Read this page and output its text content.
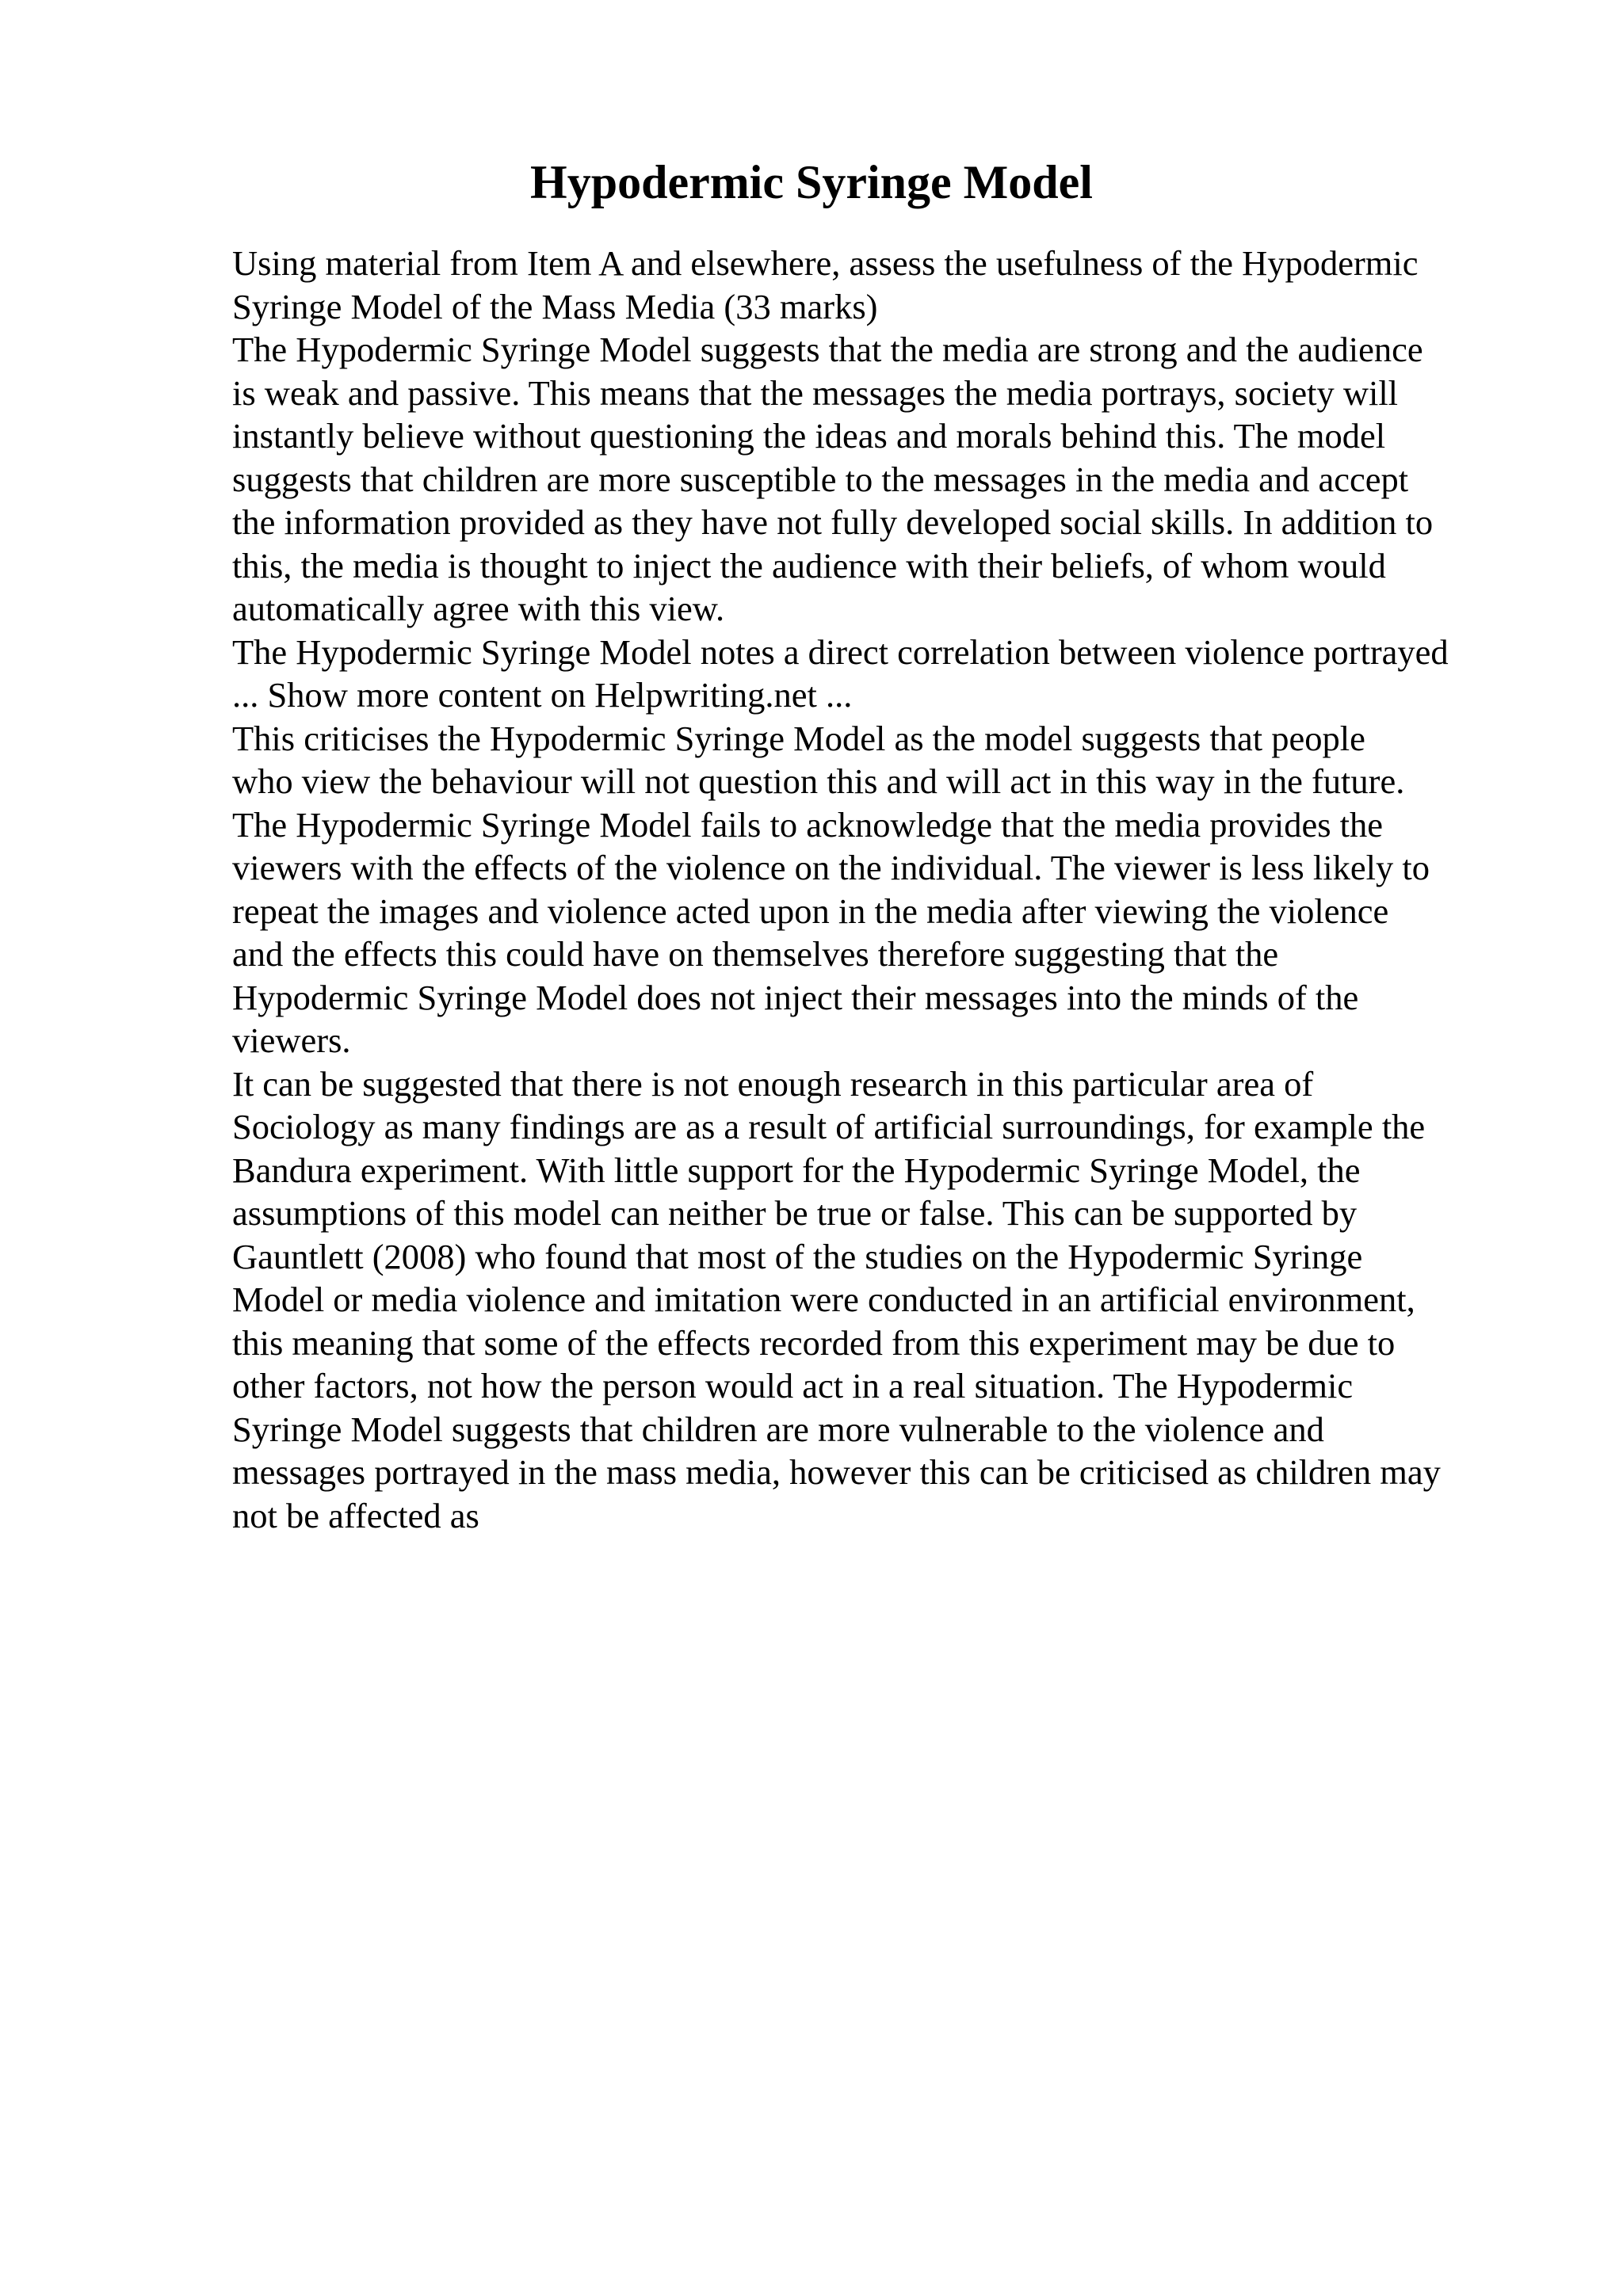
Hypodermic Syringe Model

Using material from Item A and elsewhere, assess the usefulness of the Hypodermic

Syringe Model of the Mass Media (33 marks)

The Hypodermic Syringe Model suggests that the media are strong and the audience

is weak and passive. This means that the messages the media portrays, society will

instantly believe without questioning the ideas and morals behind this. The model

suggests that children are more susceptible to the messages in the media and accept

the information provided as they have not fully developed social skills. In addition to

this, the media is thought to inject the audience with their beliefs, of whom would

automatically agree with this view.

The Hypodermic Syringe Model notes a direct correlation between violence portrayed

... Show more content on Helpwriting.net ...

This criticises the Hypodermic Syringe Model as the model suggests that people

who view the behaviour will not question this and will act in this way in the future.

The Hypodermic Syringe Model fails to acknowledge that the media provides the

viewers with the effects of the violence on the individual. The viewer is less likely to

repeat the images and violence acted upon in the media after viewing the violence

and the effects this could have on themselves therefore suggesting that the

Hypodermic Syringe Model does not inject their messages into the minds of the

viewers.

It can be suggested that there is not enough research in this particular area of

Sociology as many findings are as a result of artificial surroundings, for example the

Bandura experiment. With little support for the Hypodermic Syringe Model, the

assumptions of this model can neither be true or false. This can be supported by

Gauntlett (2008) who found that most of the studies on the Hypodermic Syringe

Model or media violence and imitation were conducted in an artificial environment,

this meaning that some of the effects recorded from this experiment may be due to

other factors, not how the person would act in a real situation. The Hypodermic

Syringe Model suggests that children are more vulnerable to the violence and

messages portrayed in the mass media, however this can be criticised as children may

not be affected as
